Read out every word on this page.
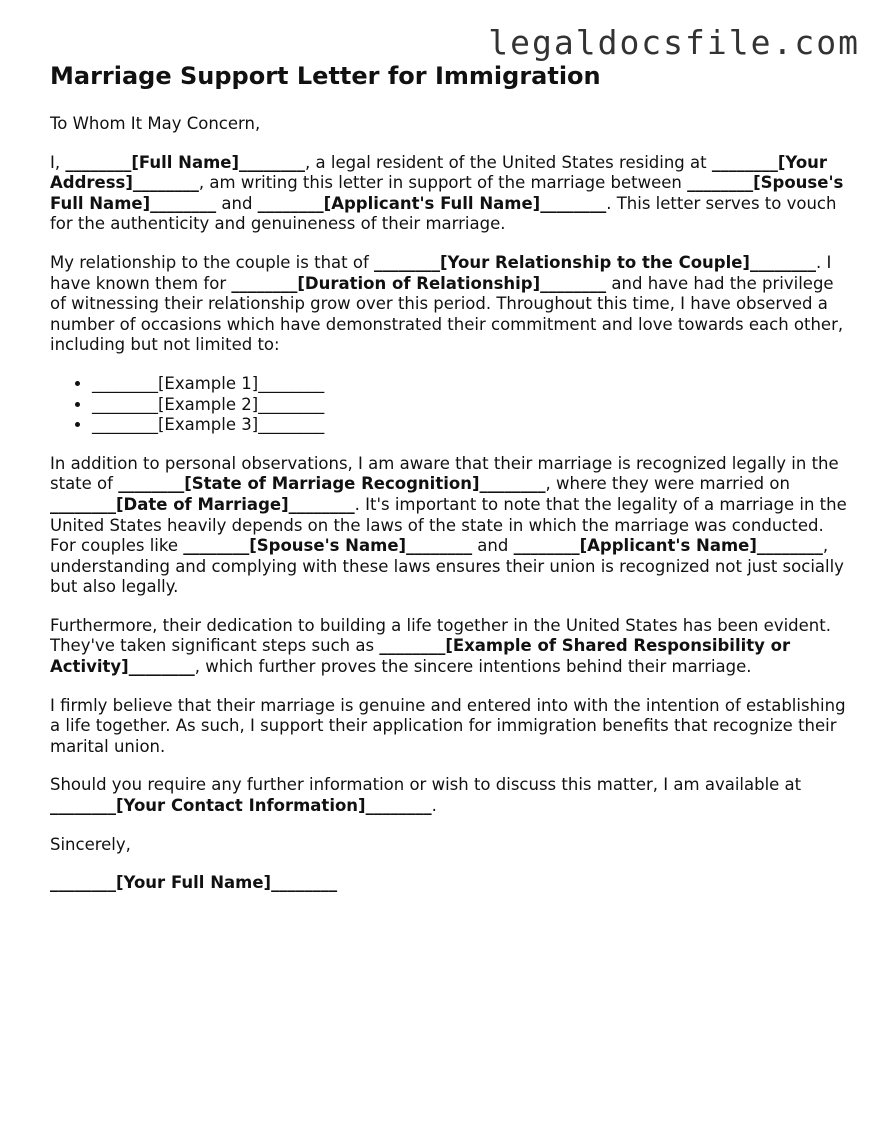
legaldocsfile.com
Marriage Support Letter for Immigration

To Whom It May Concern,

I, ________[Full Name]________, a legal resident of the United States residing at ________[Your Address]________, am writing this letter in support of the marriage between ________[Spouse's Full Name]________ and ________[Applicant's Full Name]________. This letter serves to vouch for the authenticity and genuineness of their marriage.

My relationship to the couple is that of ________[Your Relationship to the Couple]________. I have known them for ________[Duration of Relationship]________ and have had the privilege of witnessing their relationship grow over this period. Throughout this time, I have observed a number of occasions which have demonstrated their commitment and love towards each other, including but not limited to:

• ________[Example 1]________
• ________[Example 2]________
• ________[Example 3]________

In addition to personal observations, I am aware that their marriage is recognized legally in the state of ________[State of Marriage Recognition]________, where they were married on ________[Date of Marriage]________. It's important to note that the legality of a marriage in the United States heavily depends on the laws of the state in which the marriage was conducted. For couples like ________[Spouse's Name]________ and ________[Applicant's Name]________, understanding and complying with these laws ensures their union is recognized not just socially but also legally.

Furthermore, their dedication to building a life together in the United States has been evident. They've taken significant steps such as ________[Example of Shared Responsibility or Activity]________, which further proves the sincere intentions behind their marriage.

I firmly believe that their marriage is genuine and entered into with the intention of establishing a life together. As such, I support their application for immigration benefits that recognize their marital union.

Should you require any further information or wish to discuss this matter, I am available at ________[Your Contact Information]________.

Sincerely,

________[Your Full Name]________
